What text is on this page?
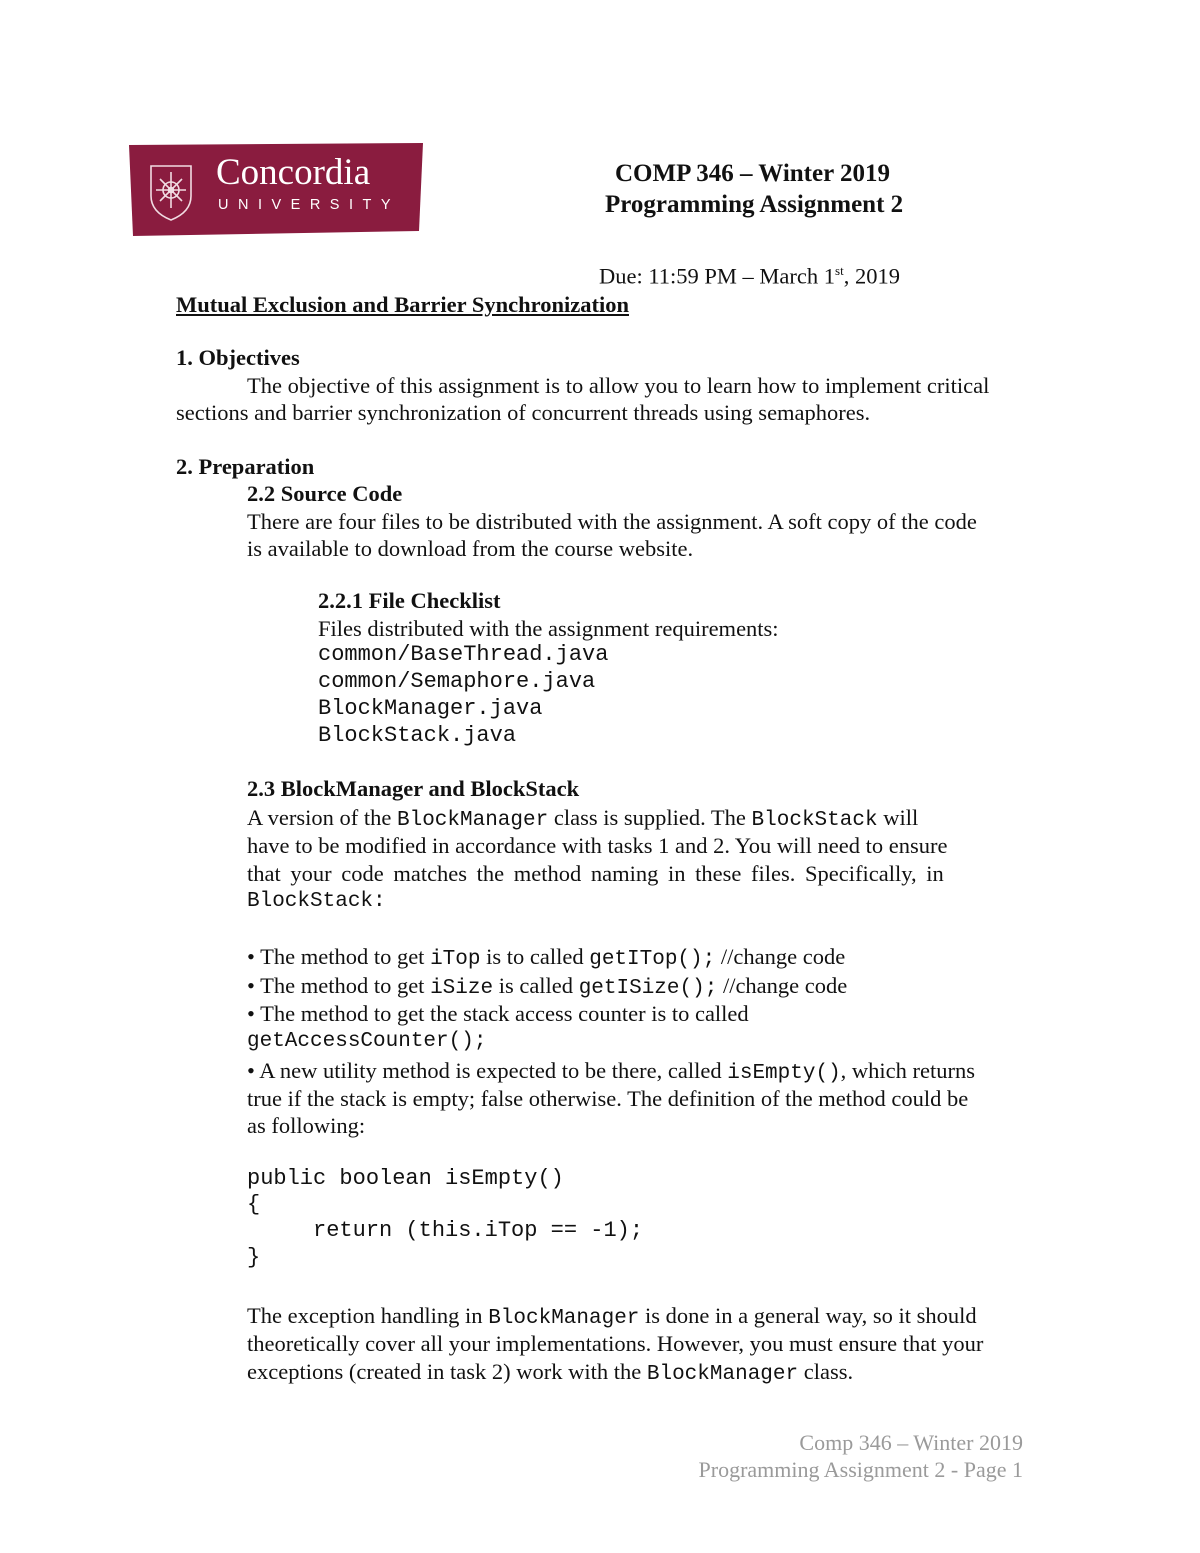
Concordia
UNIVERSITY
COMP 346 – Winter 2019
Programming Assignment 2
Due: 11:59 PM – March 1st, 2019
Mutual Exclusion and Barrier Synchronization
1. Objectives
The objective of this assignment is to allow you to learn how to implement critical
sections and barrier synchronization of concurrent threads using semaphores.
2. Preparation
2.2 Source Code
There are four files to be distributed with the assignment. A soft copy of the code
is available to download from the course website.
2.2.1 File Checklist
Files distributed with the assignment requirements:
common/BaseThread.java
common/Semaphore.java
BlockManager.java
BlockStack.java
2.3 BlockManager and BlockStack
A version of the BlockManager class is supplied. The BlockStack will
have to be modified in accordance with tasks 1 and 2. You will need to ensure
that your code matches the method naming in these files. Specifically, in
BlockStack:
• The method to get iTop is to called getITop(); //change code
• The method to get iSize is called getISize(); //change code
• The method to get the stack access counter is to called
getAccessCounter();
• A new utility method is expected to be there, called isEmpty(), which returns
true if the stack is empty; false otherwise. The definition of the method could be
as following:
public boolean isEmpty()
{
return (this.iTop == -1);
}
The exception handling in BlockManager is done in a general way, so it should
theoretically cover all your implementations. However, you must ensure that your
exceptions (created in task 2) work with the BlockManager class.
Comp 346 – Winter 2019
Programming Assignment 2 - Page 1
